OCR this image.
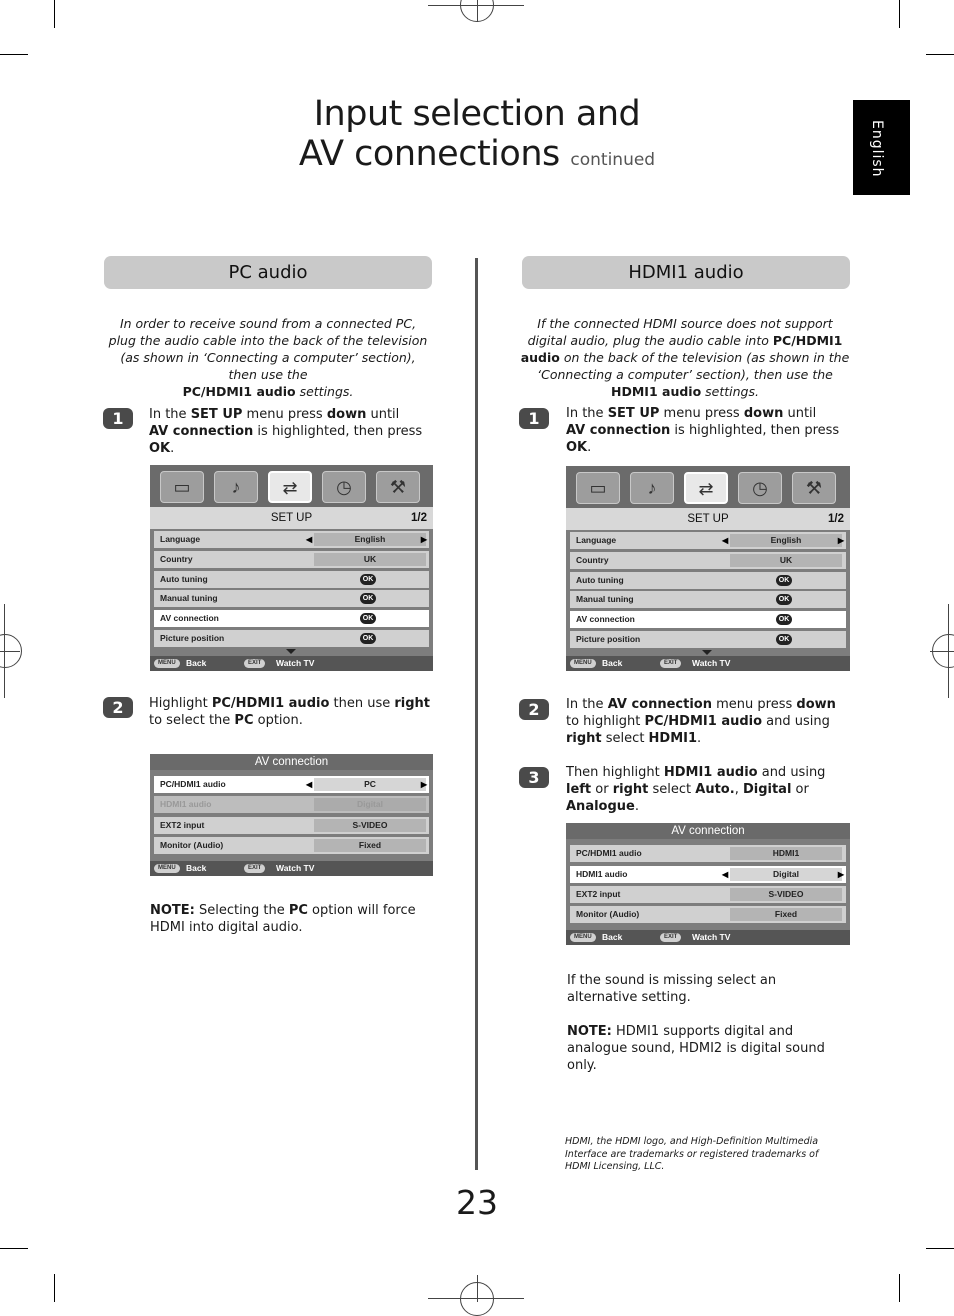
Input selection and
AV connections continued	English
PC audio
In order to receive sound from a connected PC, plug the audio cable into the back of the television (as shown in ‘Connecting a computer’ section), then use the
PC/HDMI1 audio settings.
1	In the SET UP menu press down until
AV connection is highlighted, then press OK.
▭	♪	⇄	◷	⚒
SET UP	1/2
Language	◀	English	▶
Country	UK
Auto tuning	OK
Manual tuning	OK
AV connection	OK
Picture position	OK
MENU	Back	EXIT	Watch TV
2	Highlight PC/HDMI1 audio then use right to select the PC option.
AV connection
PC/HDMI1 audio	◀	PC	▶
HDMI1 audio	Digital
EXT2 input	S-VIDEO
Monitor (Audio)	Fixed
MENU	Back	EXIT	Watch TV
NOTE: Selecting the PC option will force HDMI into digital audio.
HDMI1 audio
If the connected HDMI source does not support digital audio, plug the audio cable into PC/HDMI1 audio on the back of the television (as shown in the ‘Connecting a computer’ section), then use the HDMI1 audio settings.
1	In the SET UP menu press down until
AV connection is highlighted, then press OK.
▭	♪	⇄	◷	⚒
SET UP	1/2
Language	◀	English	▶
Country	UK
Auto tuning	OK
Manual tuning	OK
AV connection	OK
Picture position	OK
MENU	Back	EXIT	Watch TV
2	In the AV connection menu press down to highlight PC/HDMI1 audio and using right select HDMI1.
3	Then highlight HDMI1 audio and using left or right select Auto., Digital or Analogue.
AV connection
PC/HDMI1 audio	HDMI1
HDMI1 audio	◀	Digital	▶
EXT2 input	S-VIDEO
Monitor (Audio)	Fixed
MENU	Back	EXIT	Watch TV
If the sound is missing select an alternative setting.
NOTE: HDMI1 supports digital and analogue sound, HDMI2 is digital sound only.
HDMI, the HDMI logo, and High-Definition Multimedia Interface are trademarks or registered trademarks of HDMI Licensing, LLC.
23
